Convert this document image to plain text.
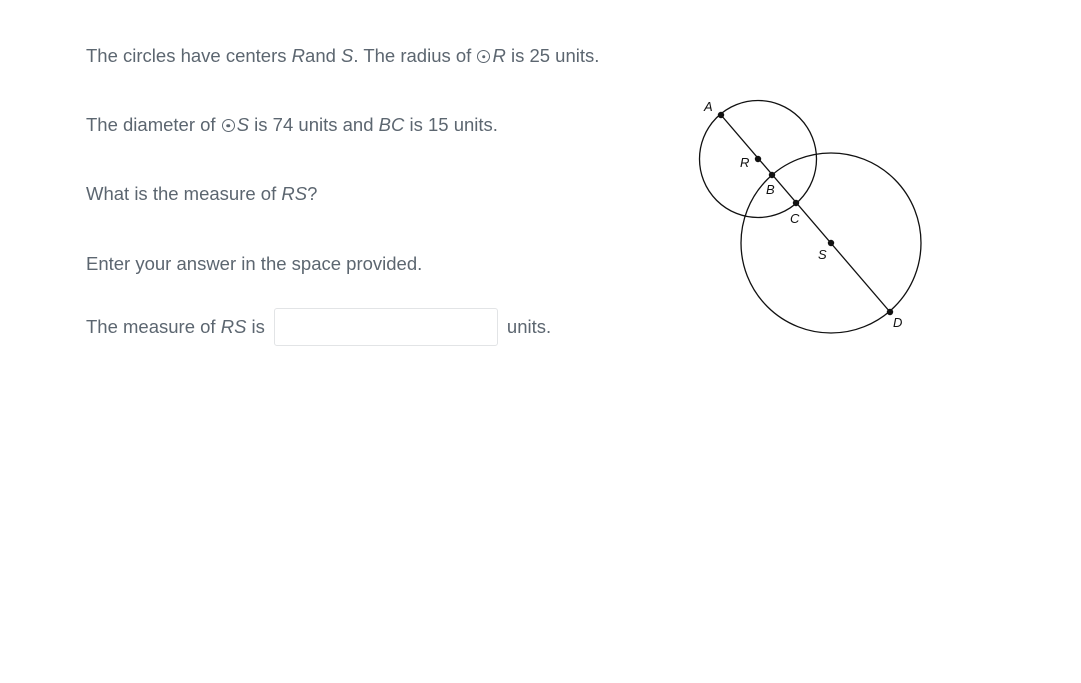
The circles have centers Rand S. The radius of R is 25 units.
The diameter of S is 74 units and BC is 15 units.
What is the measure of RS?
Enter your answer in the space provided.
The measure of RS is	units.
A
R
B
C
S
D
